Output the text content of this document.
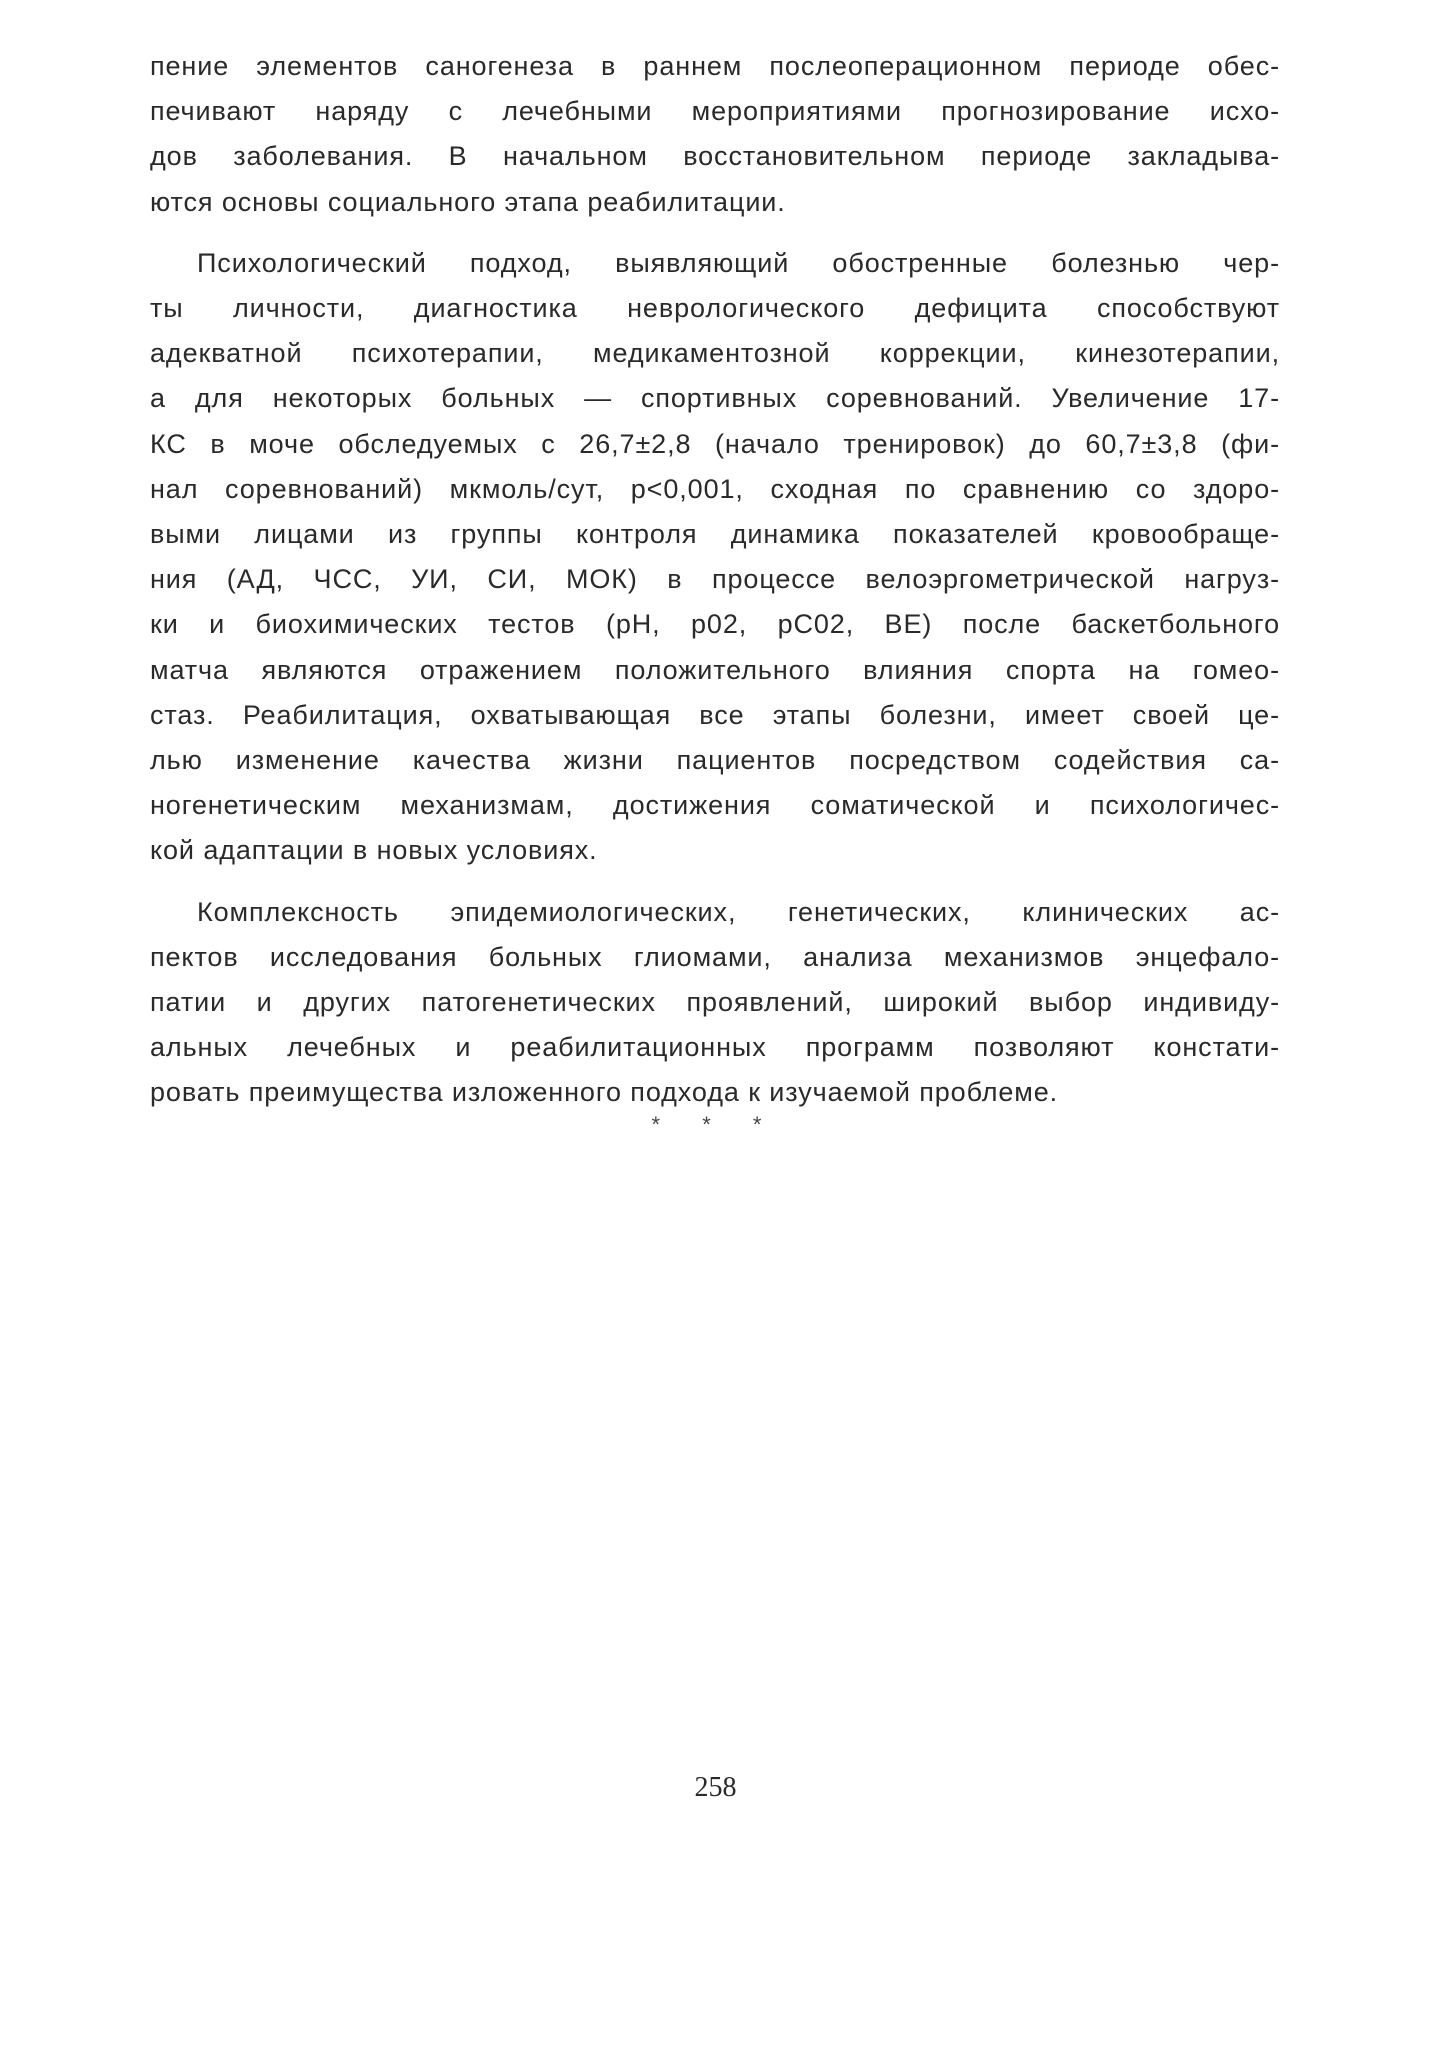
пение элементов саногенеза в раннем послеоперационном периоде обес-
печивают наряду с лечебными мероприятиями прогнозирование исхо-
дов заболевания. В начальном восстановительном периоде закладыва-
ются основы социального этапа реабилитации.

Психологический подход, выявляющий обостренные болезнью чер-
ты личности, диагностика неврологического дефицита способствуют
адекватной психотерапии, медикаментозной коррекции, кинезотерапии,
а для некоторых больных — спортивных соревнований. Увеличение 17-
КС в моче обследуемых с 26,7±2,8 (начало тренировок) до 60,7±3,8 (фи-
нал соревнований) мкмоль/сут, p<0,001, сходная по сравнению со здоро-
выми лицами из группы контроля динамика показателей кровообраще-
ния (АД, ЧСС, УИ, СИ, МОК) в процессе велоэргометрической нагруз-
ки и биохимических тестов (pH, p02, pC02, BE) после баскетбольного
матча являются отражением положительного влияния спорта на гомео-
стаз. Реабилитация, охватывающая все этапы болезни, имеет своей це-
лью изменение качества жизни пациентов посредством содействия са-
ногенетическим механизмам, достижения соматической и психологичес-
кой адаптации в новых условиях.

Комплексность эпидемиологических, генетических, клинических ас-
пектов исследования больных глиомами, анализа механизмов энцефало-
патии и других патогенетических проявлений, широкий выбор индивиду-
альных лечебных и реабилитационных программ позволяют констати-
ровать преимущества изложенного подхода к изучаемой проблеме.

* * *
258
